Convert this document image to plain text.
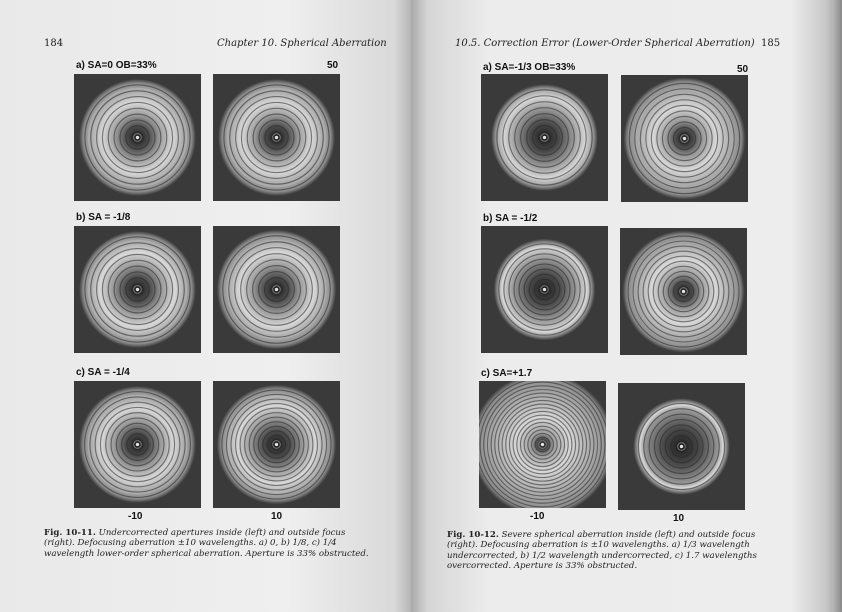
184	Chapter 10. Spherical Aberration
a) SA=0 OB=33%	50
b) SA = -1/8
c) SA = -1/4
-10	10
Fig. 10-11. Undercorrected apertures inside (left) and outside focus (right). Defocusing aberration ±10 wavelengths. a) 0, b) 1/8, c) 1/4 wavelength lower-order spherical aberration. Aperture is 33% obstructed.
10.5. Correction Error (Lower-Order Spherical Aberration) 185
a) SA=-1/3 OB=33%	50
b) SA = -1/2
c) SA=+1.7
-10	10
Fig. 10-12. Severe spherical aberration inside (left) and outside focus (right). Defocusing aberration is ±10 wavelengths. a) 1/3 wavelength undercorrected, b) 1/2 wavelength undercorrected, c) 1.7 wavelengths overcorrected. Aperture is 33% obstructed.
